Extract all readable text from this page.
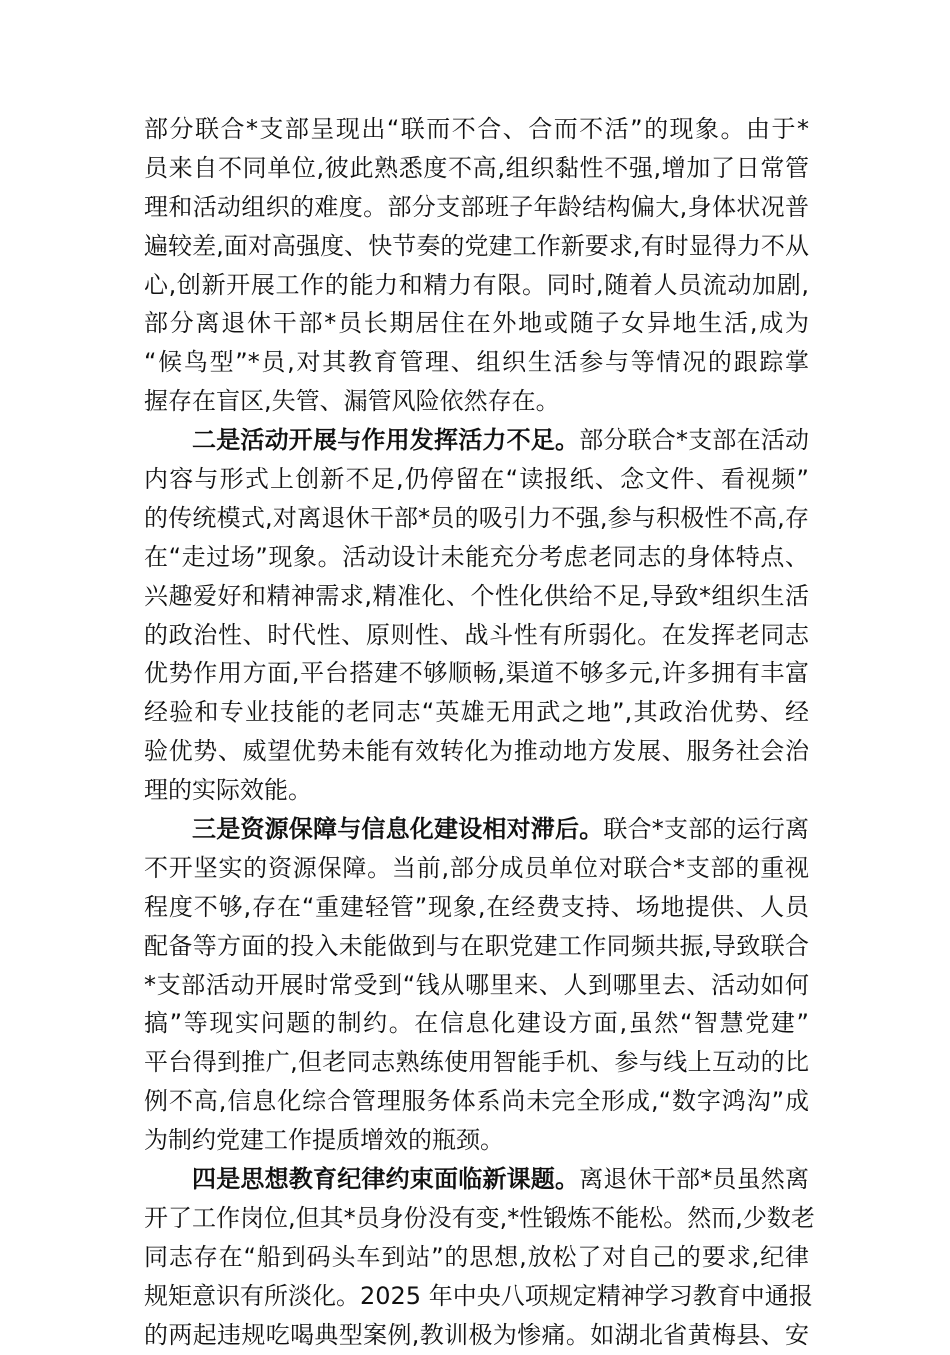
部分联合*支部呈现出“联而不合、合而不活”的现象。由于*
员来自不同单位,彼此熟悉度不高,组织黏性不强,增加了日常管
理和活动组织的难度。部分支部班子年龄结构偏大,身体状况普
遍较差,面对高强度、快节奏的党建工作新要求,有时显得力不从
心,创新开展工作的能力和精力有限。同时,随着人员流动加剧,
部分离退休干部*员长期居住在外地或随子女异地生活,成为
“候鸟型”*员,对其教育管理、组织生活参与等情况的跟踪掌
握存在盲区,失管、漏管风险依然存在。
二是活动开展与作用发挥活力不足。部分联合*支部在活动
内容与形式上创新不足,仍停留在“读报纸、念文件、看视频”
的传统模式,对离退休干部*员的吸引力不强,参与积极性不高,存
在“走过场”现象。活动设计未能充分考虑老同志的身体特点、
兴趣爱好和精神需求,精准化、个性化供给不足,导致*组织生活
的政治性、时代性、原则性、战斗性有所弱化。在发挥老同志
优势作用方面,平台搭建不够顺畅,渠道不够多元,许多拥有丰富
经验和专业技能的老同志“英雄无用武之地”,其政治优势、经
验优势、威望优势未能有效转化为推动地方发展、服务社会治
理的实际效能。
三是资源保障与信息化建设相对滞后。联合*支部的运行离
不开坚实的资源保障。当前,部分成员单位对联合*支部的重视
程度不够,存在“重建轻管”现象,在经费支持、场地提供、人员
配备等方面的投入未能做到与在职党建工作同频共振,导致联合
*支部活动开展时常受到“钱从哪里来、人到哪里去、活动如何
搞”等现实问题的制约。在信息化建设方面,虽然“智慧党建”
平台得到推广,但老同志熟练使用智能手机、参与线上互动的比
例不高,信息化综合管理服务体系尚未完全形成,“数字鸿沟”成
为制约党建工作提质增效的瓶颈。
四是思想教育纪律约束面临新课题。离退休干部*员虽然离
开了工作岗位,但其*员身份没有变,*性锻炼不能松。然而,少数老
同志存在“船到码头车到站”的思想,放松了对自己的要求,纪律
规矩意识有所淡化。2025 年中央八项规定精神学习教育中通报
的两起违规吃喝典型案例,教训极为惨痛。如湖北省黄梅县、安
